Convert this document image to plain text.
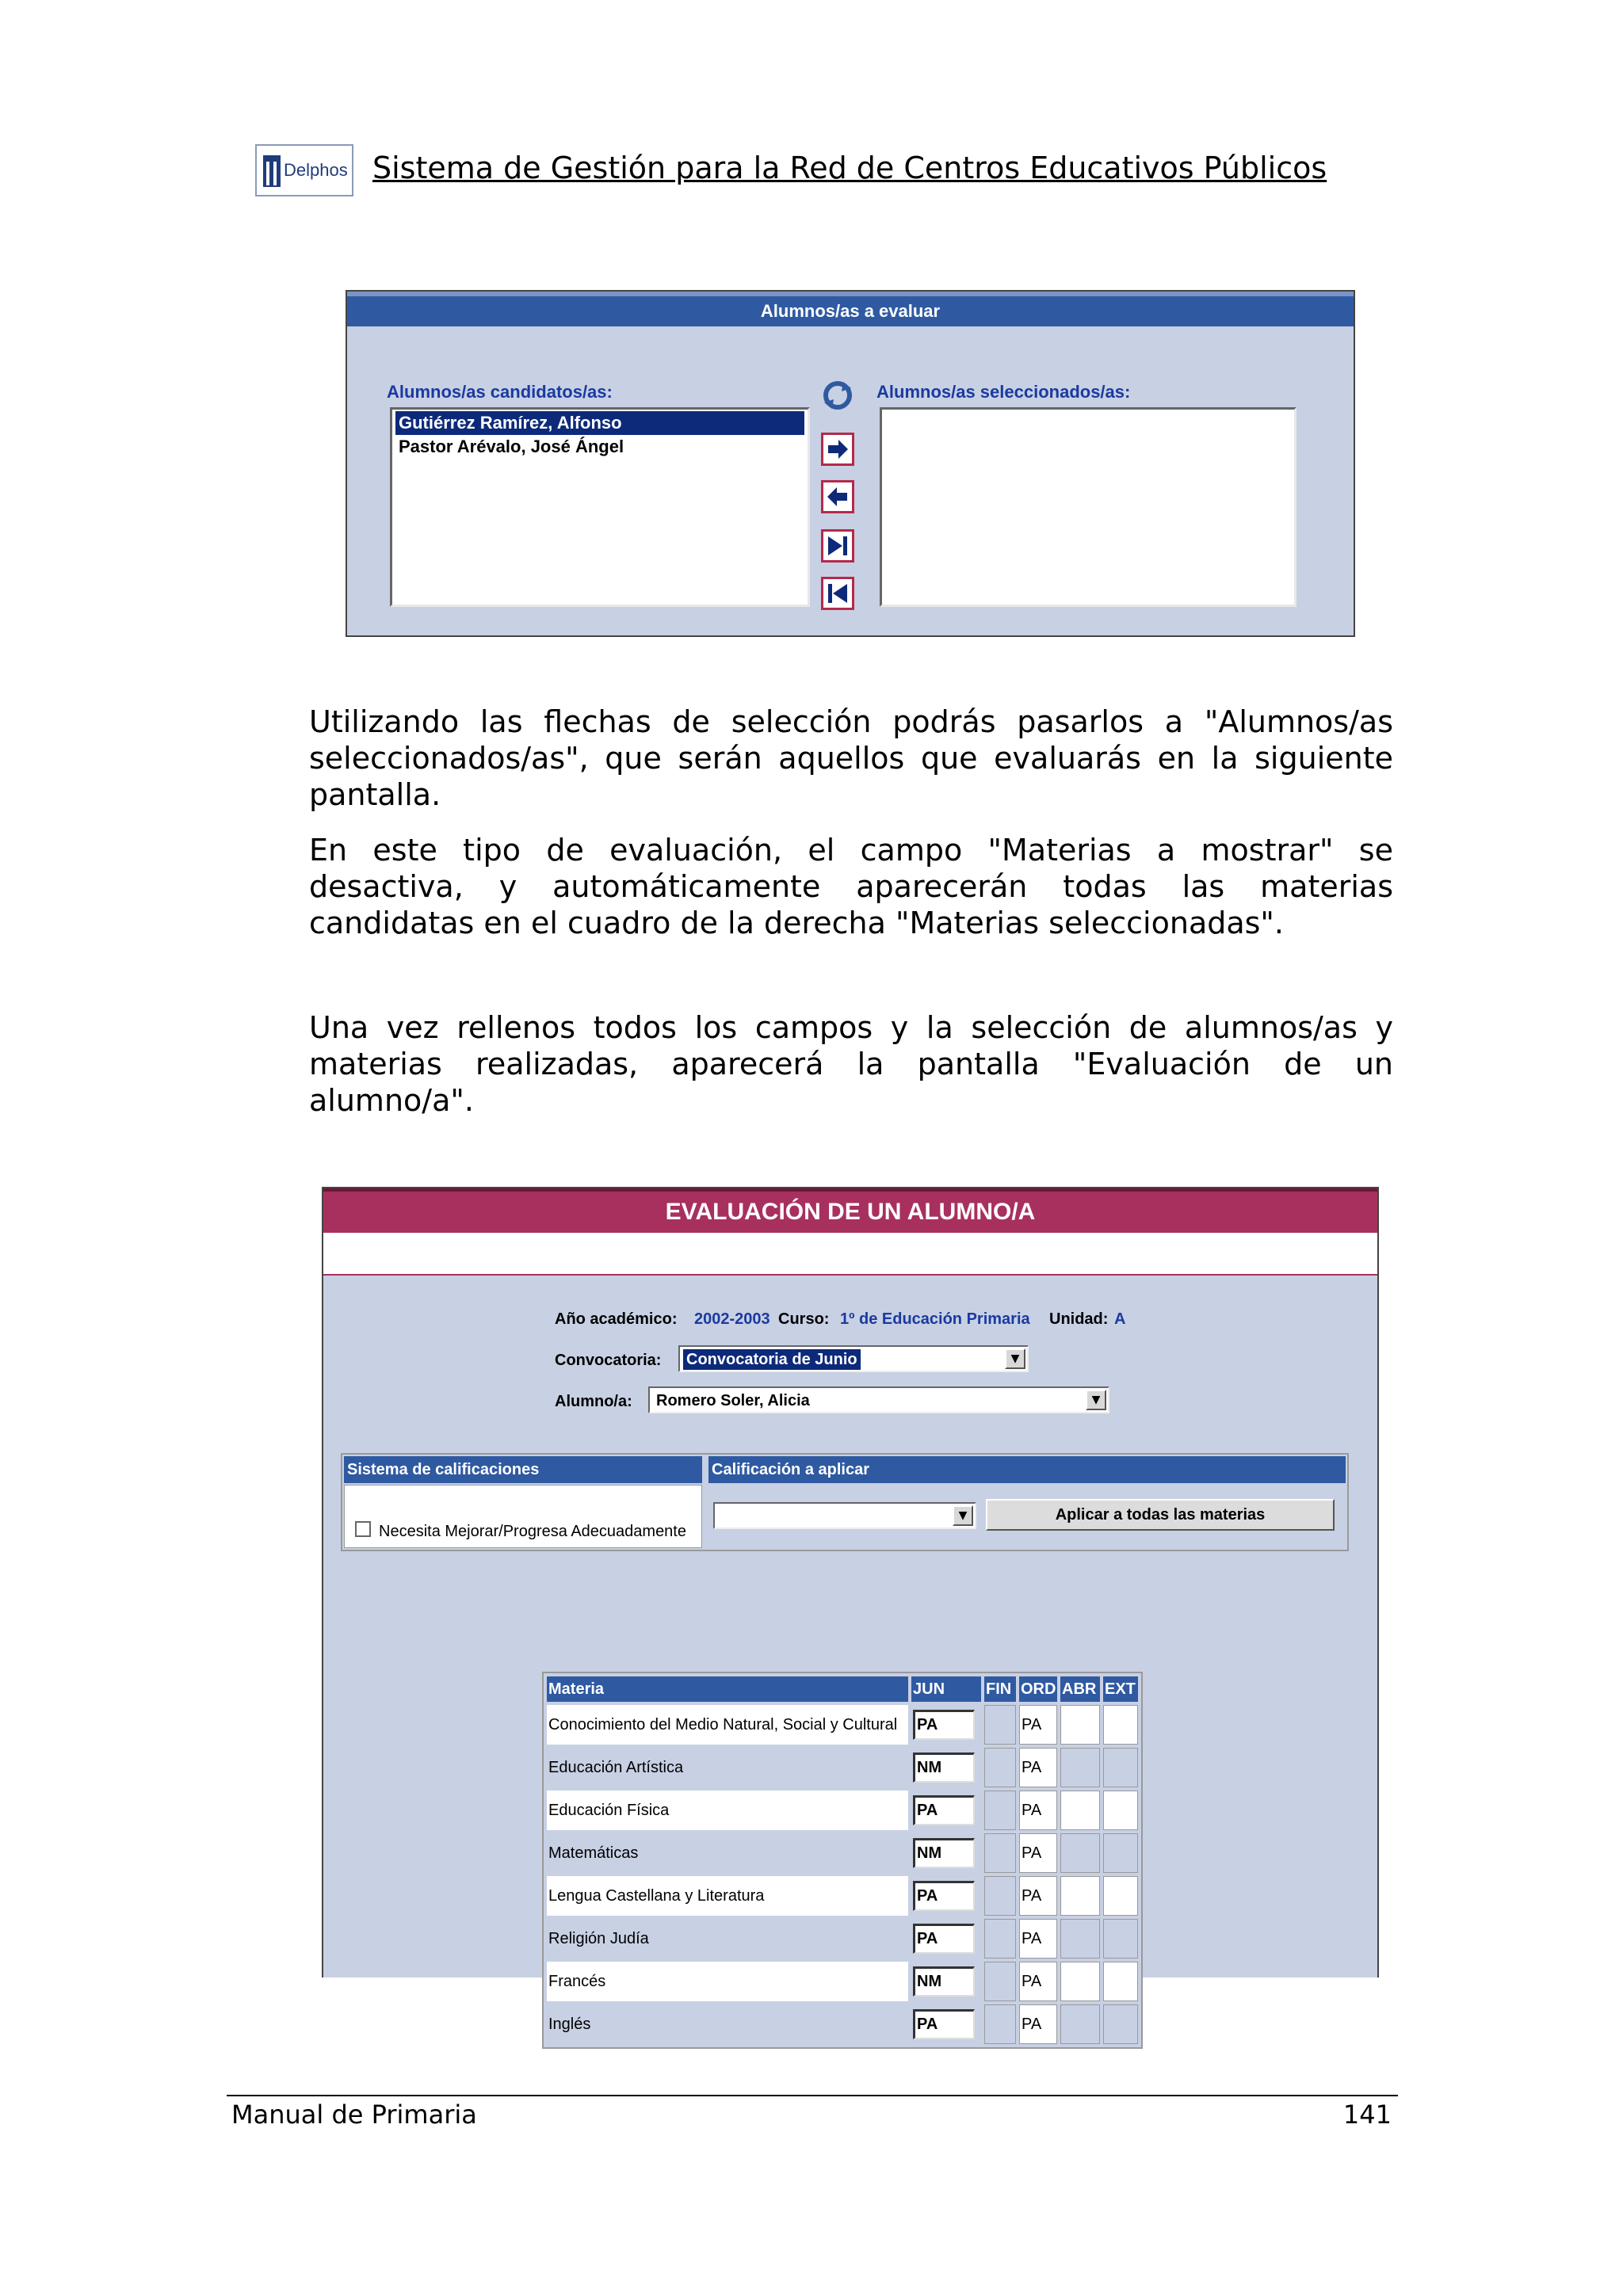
Delphos Sistema de Gestión para la Red de Centros Educativos Públicos
Alumnos/as a evaluar
Alumnos/as candidatos/as:
Gutiérrez Ramírez, Alfonso
Pastor Arévalo, José Ángel
Alumnos/as seleccionados/as:

Utilizando las flechas de selección podrás pasarlos a "Alumnos/as seleccionados/as", que serán aquellos que evaluarás en la siguiente pantalla.

En este tipo de evaluación, el campo "Materias a mostrar" se desactiva, y automáticamente aparecerán todas las materias candidatas en el cuadro de la derecha "Materias seleccionadas".

Una vez rellenos todos los campos y la selección de alumnos/as y materias realizadas, aparecerá la pantalla "Evaluación de un alumno/a".

EVALUACIÓN DE UN ALUMNO/A
Año académico: 2002-2003 Curso: 1º de Educación Primaria Unidad: A
Convocatoria: Convocatoria de Junio	▼
Alumno/a: Romero Soler, Alicia	▼
Sistema de calificaciones	Calificación a aplicar
Necesita Mejorar/Progresa Adecuadamente
▼	Aplicar a todas las materias
Materia	JUN	FIN	ORD	ABR	EXT
Conocimiento del Medio Natural, Social y Cultural	PA		PA		
Educación Artística	NM		PA		
Educación Física	PA		PA		
Matemáticas	NM		PA		
Lengua Castellana y Literatura	PA		PA		
Religión Judía	PA		PA		
Francés	NM		PA		
Inglés	PA		PA		
Manual de Primaria	141
